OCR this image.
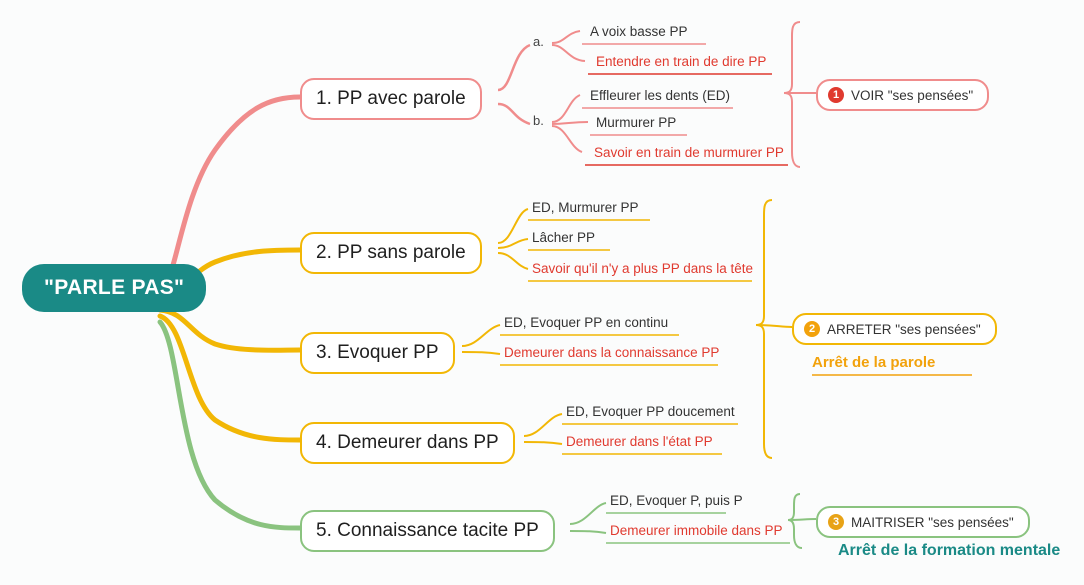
"PARLE PAS"
1. PP avec parole
a.
b.
A voix basse PP
Entendre en train de dire PP
Effleurer les dents (ED)
Murmurer PP
Savoir en train de murmurer PP
2. PP sans parole
ED, Murmurer PP
Lâcher PP
Savoir qu'il n'y a plus PP dans la tête
3. Evoquer PP
ED, Evoquer PP en continu
Demeurer dans la connaissance PP
4. Demeurer dans PP
ED, Evoquer PP doucement
Demeurer dans l'état PP
5. Connaissance tacite PP
ED, Evoquer P, puis P
Demeurer immobile dans PP
1 VOIR "ses pensées"
2 ARRETER "ses pensées"
3 MAITRISER "ses pensées"
Arrêt de la parole
Arrêt de la formation mentale
